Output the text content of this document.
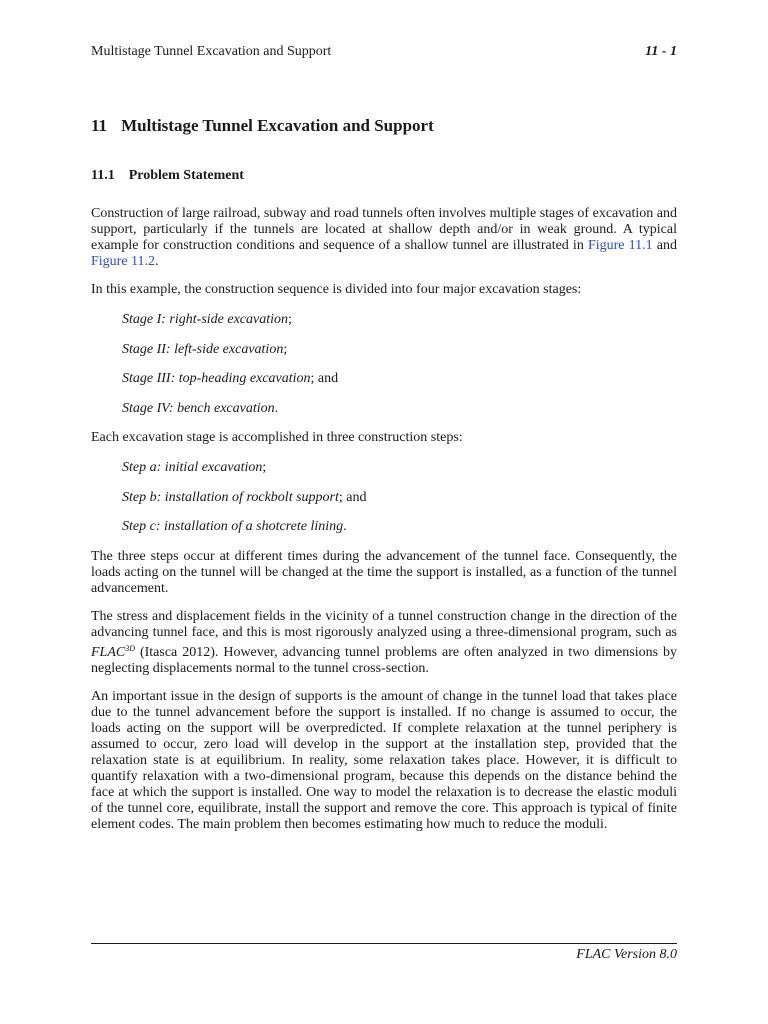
Multistage Tunnel Excavation and Support	11 - 1
11 Multistage Tunnel Excavation and Support
11.1 Problem Statement

Construction of large railroad, subway and road tunnels often involves multiple stages of excavation and support, particularly if the tunnels are located at shallow depth and/or in weak ground. A typical example for construction conditions and sequence of a shallow tunnel are illustrated in Figure 11.1 and Figure 11.2.

In this example, the construction sequence is divided into four major excavation stages:

Stage I: right-side excavation;

Stage II: left-side excavation;

Stage III: top-heading excavation; and

Stage IV: bench excavation.

Each excavation stage is accomplished in three construction steps:

Step a: initial excavation;

Step b: installation of rockbolt support; and

Step c: installation of a shotcrete lining.

The three steps occur at different times during the advancement of the tunnel face. Consequently, the loads acting on the tunnel will be changed at the time the support is installed, as a function of the tunnel advancement.

The stress and displacement fields in the vicinity of a tunnel construction change in the direction of the advancing tunnel face, and this is most rigorously analyzed using a three-dimensional program, such as $FLAC^{3D}$ (Itasca 2012). However, advancing tunnel problems are often analyzed in two dimensions by neglecting displacements normal to the tunnel cross-section.

An important issue in the design of supports is the amount of change in the tunnel load that takes place due to the tunnel advancement before the support is installed. If no change is assumed to occur, the loads acting on the support will be overpredicted. If complete relaxation at the tunnel periphery is assumed to occur, zero load will develop in the support at the installation step, provided that the relaxation state is at equilibrium. In reality, some relaxation takes place. However, it is difficult to quantify relaxation with a two-dimensional program, because this depends on the distance behind the face at which the support is installed. One way to model the relaxation is to decrease the elastic moduli of the tunnel core, equilibrate, install the support and remove the core. This approach is typical of finite element codes. The main problem then becomes estimating how much to reduce the moduli.

FLAC Version 8.0
